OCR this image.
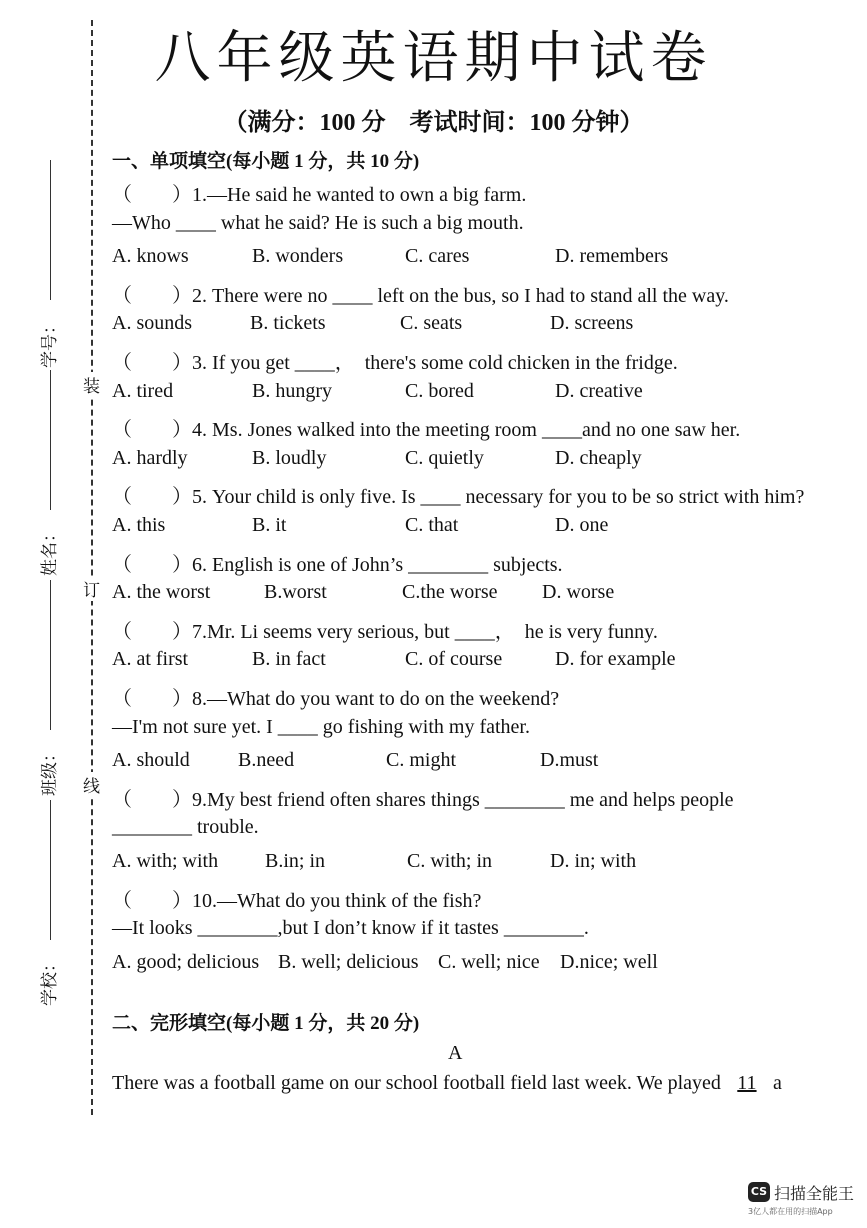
八年级英语期中试卷
（满分：100 分　考试时间：100 分钟）
学号：
姓名：
班级：
学校：
装
订
线
一、单项填空(每小题 1 分，共 10 分)
（　　）1.—He said he wanted to own a big farm.
—Who ____ what he said? He is such a big mouth.
A. knows	B. wonders	C. cares	D. remembers
（　　）2. There were no ____ left on the bus, so I had to stand all the way.
A. sounds	B. tickets	C. seats	D. screens
（　　）3. If you get ____，　there's some cold chicken in the fridge.
A. tired	B. hungry	C. bored	D. creative
（　　）4. Ms. Jones walked into the meeting room ____and no one saw her.
A. hardly	B. loudly	C. quietly	D. cheaply
（　　）5. Your child is only five. Is ____ necessary for you to be so strict with him?
A. this	B. it	C. that	D. one
（　　）6. English is one of John’s ________ subjects.
A. the worst	B.worst	C.the worse D. worse
（　　）7.Mr. Li seems very serious, but ____，　he is very funny.
A. at first	B. in fact	C. of course	D. for example
（　　）8.—What do you want to do on the weekend?
—I'm not sure yet. I ____ go fishing with my father.
A. should B.need	C. might	D.must
（　　）9.My best friend often shares things ________ me and helps people
________ trouble.
A. with; with B.in; in	C. with; in	D. in; with
（　　）10.—What do you think of the fish?
—It looks ________,but I don’t know if it tastes ________.
A. good; delicious B. well; delicious C. well; nice D.nice; well
二、完形填空(每小题 1 分，共 20 分)
A
There was a football game on our school football field last week. We played 11 a
CS 扫描全能王
3亿人都在用的扫描App
